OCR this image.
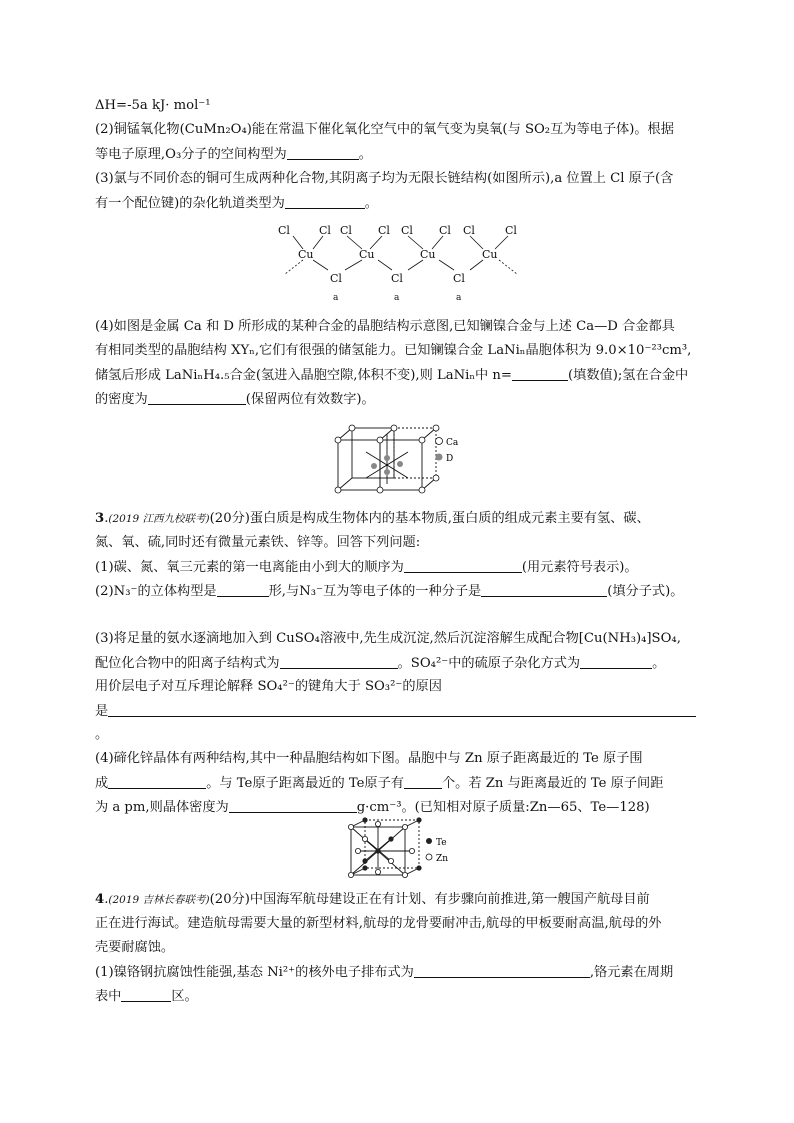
ΔH=-5a kJ· mol⁻¹
(2)铜锰氧化物(CuMn₂O₄)能在常温下催化氧化空气中的氧气变为臭氧(与 SO₂互为等电子体)。根据
等电子原理,O₃分子的空间构型为	。
(3)氯与不同价态的铜可生成两种化合物,其阴离子均为无限长链结构(如图所示),a 位置上 Cl 原子(含
有一个配位键)的杂化轨道类型为	。
Cl	Cl Cl Cl Cl Cl Cl	Cl
Cu	Cu	Cu	Cu
Cl	Cl	Cl
a	a	a
(4)如图是金属 Ca 和 D 所形成的某种合金的晶胞结构示意图,已知镧镍合金与上述 Ca—D 合金都具
有相同类型的晶胞结构 XYₙ,它们有很强的储氢能力。已知镧镍合金 LaNiₙ晶胞体积为 9.0×10⁻²³cm³,
储氢后形成 LaNiₙH₄.₅合金(氢进入晶胞空隙,体积不变),则 LaNiₙ中 n=	(填数值);氢在合金中
的密度为	(保留两位有效数字)。
Ca
D
3.(2019 江西九校联考)(20分)蛋白质是构成生物体内的基本物质,蛋白质的组成元素主要有氢、碳、
氮、氧、硫,同时还有微量元素铁、锌等。回答下列问题:
(1)碳、氮、氧三元素的第一电离能由小到大的顺序为	(用元素符号表示)。
(2)N₃⁻的立体构型是	形,与N₃⁻互为等电子体的一种分子是	(填分子式)。
(3)将足量的氨水逐滴地加入到 CuSO₄溶液中,先生成沉淀,然后沉淀溶解生成配合物[Cu(NH₃)₄]SO₄,
配位化合物中的阳离子结构式为	。SO₄²⁻中的硫原子杂化方式为	。
用价层电子对互斥理论解释 SO₄²⁻的键角大于 SO₃²⁻的原因
是
。
(4)碲化锌晶体有两种结构,其中一种晶胞结构如下图。晶胞中与 Zn 原子距离最近的 Te 原子围
成	。与 Te原子距离最近的 Te原子有	个。若 Zn 与距离最近的 Te 原子间距
为 a pm,则晶体密度为	g·cm⁻³。(已知相对原子质量:Zn—65、Te—128)
Te
Zn
4.(2019 吉林长春联考)(20分)中国海军航母建设正在有计划、有步骤向前推进,第一艘国产航母目前
正在进行海试。建造航母需要大量的新型材料,航母的龙骨要耐冲击,航母的甲板要耐高温,航母的外
壳要耐腐蚀。
(1)镍铬钢抗腐蚀性能强,基态 Ni²⁺的核外电子排布式为	,铬元素在周期
表中	区。
